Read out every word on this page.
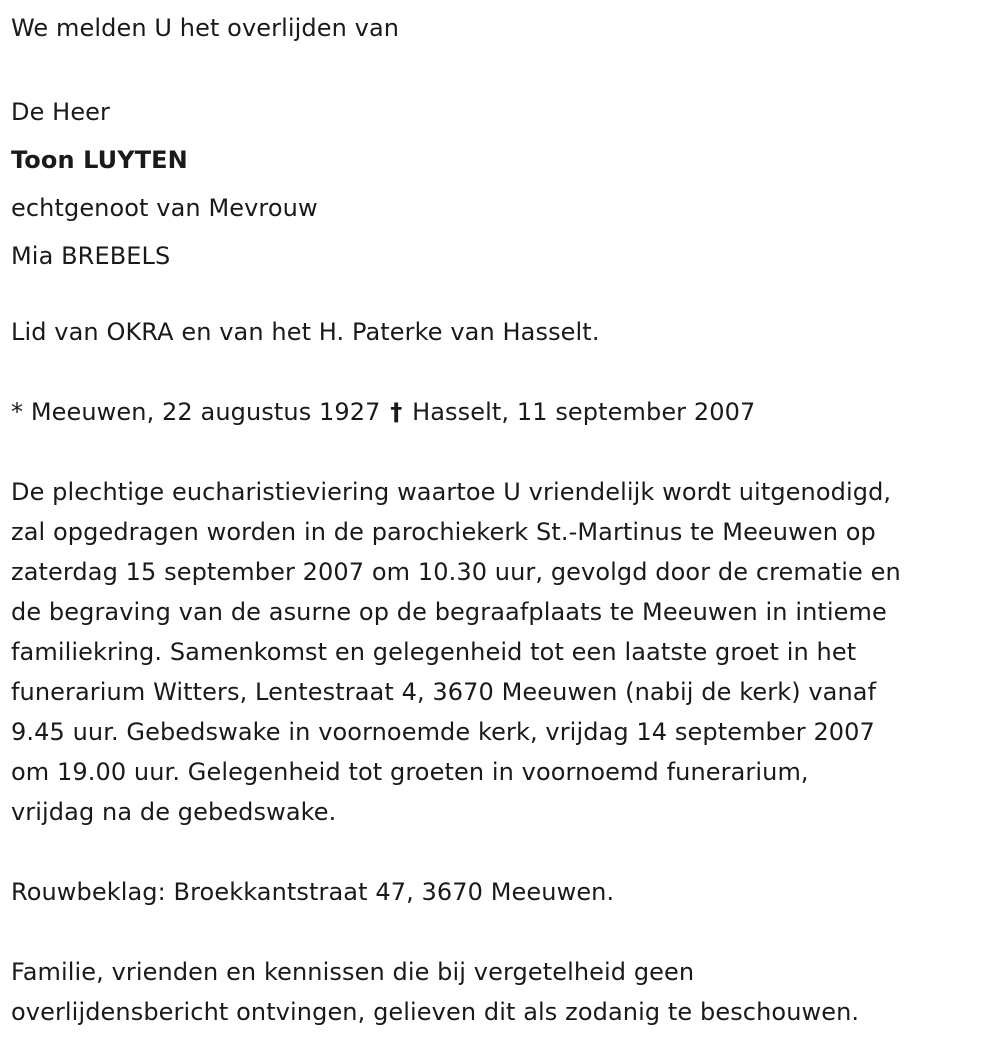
We melden U het overlijden van
De Heer
Toon LUYTEN
echtgenoot van Mevrouw
Mia BREBELS
Lid van OKRA en van het H. Paterke van Hasselt.
* Meeuwen, 22 augustus 1927 † Hasselt, 11 september 2007
De plechtige eucharistieviering waartoe U vriendelijk wordt uitgenodigd,
zal opgedragen worden in de parochiekerk St.-Martinus te Meeuwen op
zaterdag 15 september 2007 om 10.30 uur, gevolgd door de crematie en
de begraving van de asurne op de begraafplaats te Meeuwen in intieme
familiekring. Samenkomst en gelegenheid tot een laatste groet in het
funerarium Witters, Lentestraat 4, 3670 Meeuwen (nabij de kerk) vanaf
9.45 uur. Gebedswake in voornoemde kerk, vrijdag 14 september 2007
om 19.00 uur. Gelegenheid tot groeten in voornoemd funerarium,
vrijdag na de gebedswake.
Rouwbeklag: Broekkantstraat 47, 3670 Meeuwen.
Familie, vrienden en kennissen die bij vergetelheid geen
overlijdensbericht ontvingen, gelieven dit als zodanig te beschouwen.
